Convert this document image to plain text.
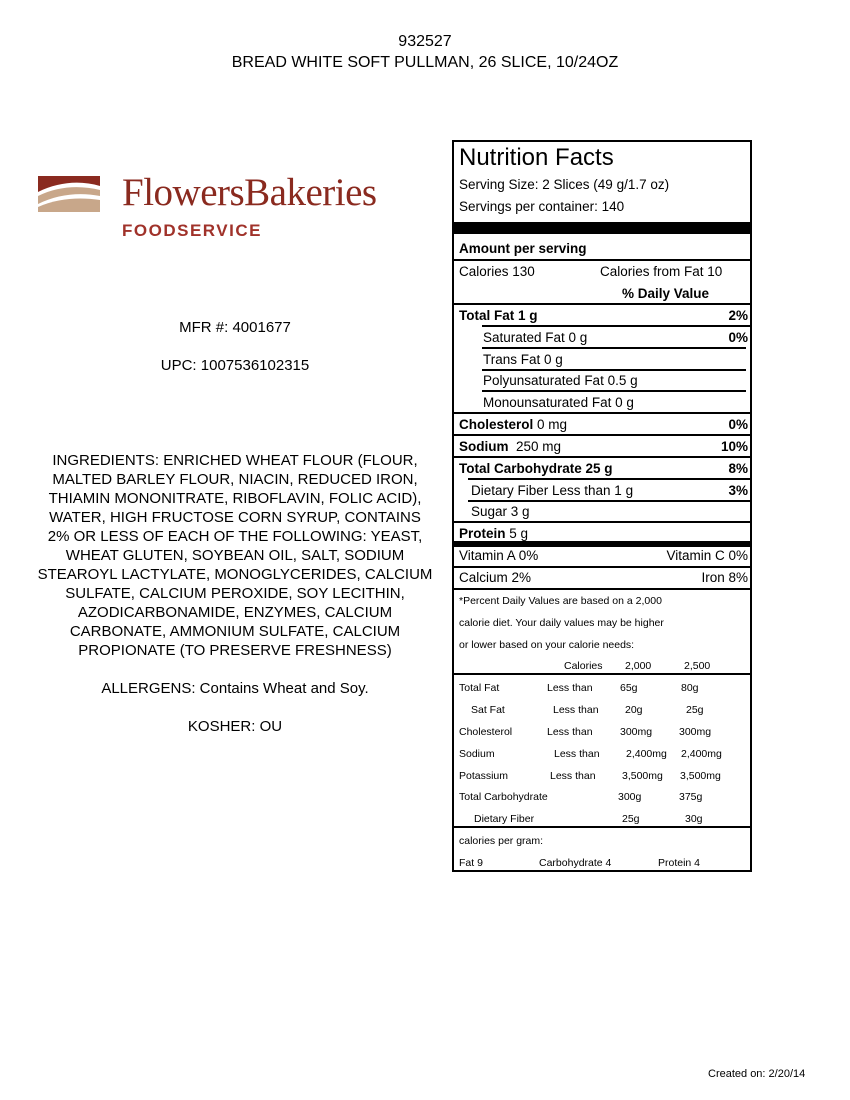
932527
BREAD WHITE SOFT PULLMAN, 26 SLICE, 10/24OZ
FlowersBakeries
FOODSERVICE
MFR #: 4001677
UPC: 1007536102315
INGREDIENTS: ENRICHED WHEAT FLOUR (FLOUR,
MALTED BARLEY FLOUR, NIACIN, REDUCED IRON,
THIAMIN MONONITRATE, RIBOFLAVIN, FOLIC ACID),
WATER, HIGH FRUCTOSE CORN SYRUP, CONTAINS
2% OR LESS OF EACH OF THE FOLLOWING: YEAST,
WHEAT GLUTEN, SOYBEAN OIL, SALT, SODIUM
STEAROYL LACTYLATE, MONOGLYCERIDES, CALCIUM
SULFATE, CALCIUM PEROXIDE, SOY LECITHIN,
AZODICARBONAMIDE, ENZYMES, CALCIUM
CARBONATE, AMMONIUM SULFATE, CALCIUM
PROPIONATE (TO PRESERVE FRESHNESS)
ALLERGENS: Contains Wheat and Soy.
KOSHER: OU
Nutrition Facts
Serving Size: 2 Slices (49 g/1.7 oz)
Servings per container: 140
Amount per serving
Calories 130	Calories from Fat 10
% Daily Value
Total Fat 1 g	2%
Saturated Fat 0 g	0%
Trans Fat 0 g
Polyunsaturated Fat 0.5 g
Monounsaturated Fat 0 g
Cholesterol 0 mg	0%
Sodium 250 mg	10%
Total Carbohydrate 25 g	8%
Dietary Fiber Less than 1 g	3%
Sugar 3 g
Protein 5 g
Vitamin A 0%	Vitamin C 0%
Calcium 2%	Iron 8%
*Percent Daily Values are based on a 2,000
calorie diet. Your daily values may be higher
or lower based on your calorie needs:
Calories 2,000	2,500
Total Fat	Less than	65g	80g
Sat Fat	Less than	20g	25g
Cholesterol	Less than	300mg	300mg
Sodium	Less than	2,400mg 2,400mg
Potassium	Less than	3,500mg 3,500mg
Total Carbohydrate	300g	375g
Dietary Fiber	25g	30g
calories per gram:
Fat 9	Carbohydrate 4	Protein 4
Created on: 2/20/14
